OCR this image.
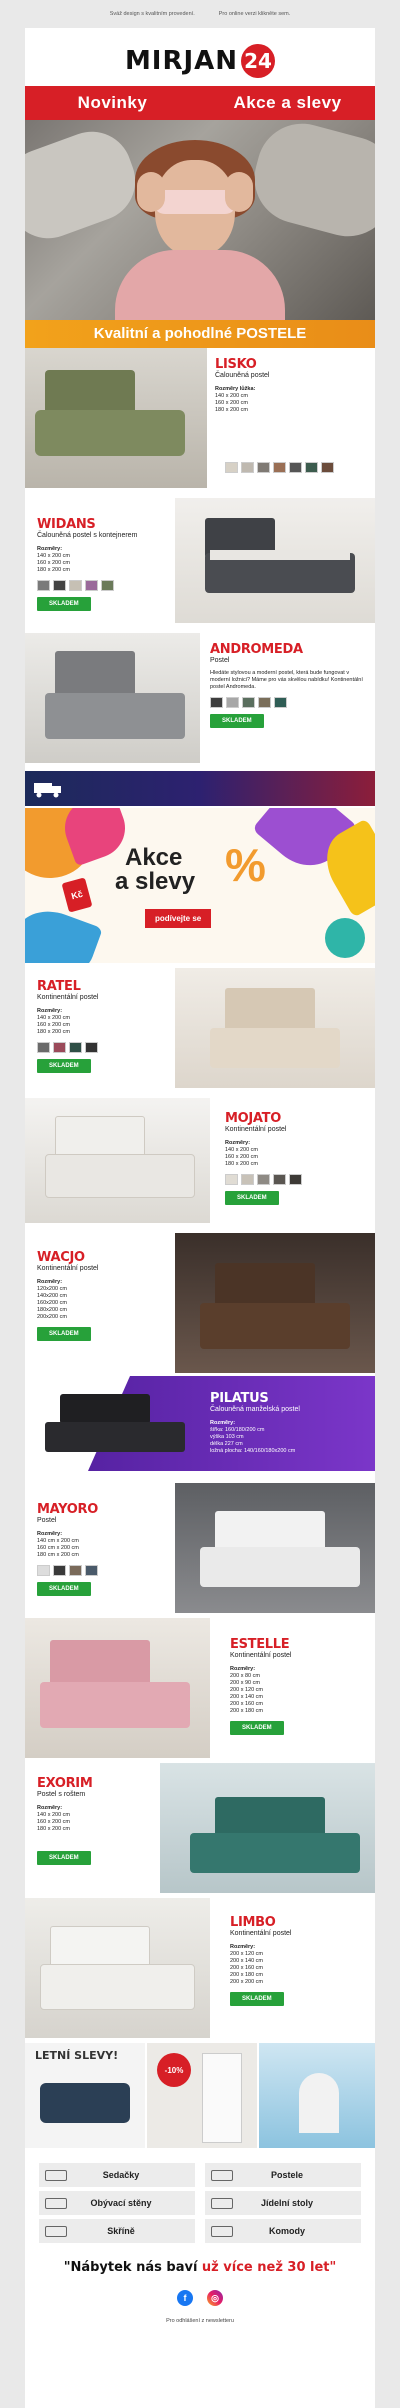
Sváž design s kvalitním provedení.	Pro online verzi klikněte sem.
MIRJAN 24
Novinky	Akce a slevy
Kvalitní a pohodlné POSTELE
LISKO
Čalouněná postel
Rozměry lůžka:
140 x 200 cm
160 x 200 cm
180 x 200 cm
WIDANS
Čalouněná postel s kontejnerem
Rozměry:
140 x 200 cm
160 x 200 cm
180 x 200 cm
SKLADEM
ANDROMEDA
Postel
Hledáte stylovou a moderní postel, která bude fungovat v moderní ložnici? Máme pro vás skvělou nabídku! Kontinentální postel Andromeda.
SKLADEM
Kč
Akce
a slevy %
podívejte se
RATEL
Kontinentální postel
Rozměry:
140 x 200 cm
160 x 200 cm
180 x 200 cm
SKLADEM
MOJATO
Kontinentální postel
Rozměry:
140 x 200 cm
160 x 200 cm
180 x 200 cm
SKLADEM
WACJO
Kontinentální postel
Rozměry:
120x200 cm
140x200 cm
160x200 cm
180x200 cm
200x200 cm
SKLADEM
PILATUS
Čalouněná manželská postel
Rozměry:
šířka: 160/180/200 cm
výška 103 cm
délka 227 cm
ložná plocha: 140/160/180x200 cm
MAYORO
Postel
Rozměry:
140 cm x 200 cm
160 cm x 200 cm
180 cm x 200 cm
SKLADEM
ESTELLE
Kontinentální postel
Rozměry:
200 x 80 cm
200 x 90 cm
200 x 120 cm
200 x 140 cm
200 x 160 cm
200 x 180 cm
SKLADEM
EXORIM
Postel s roštem
Rozměry:
140 x 200 cm
160 x 200 cm
180 x 200 cm
SKLADEM
LIMBO
Kontinentální postel
Rozměry:
200 x 120 cm
200 x 140 cm
200 x 160 cm
200 x 180 cm
200 x 200 cm
SKLADEM
LETNÍ SLEVY!
-10%
Sedačky	Postele
Obývací stěny	Jídelní stoly
Skříně	Komody
"Nábytek nás baví už více než 30 let"
f	◎
Pro odhlášení z newsletteru
